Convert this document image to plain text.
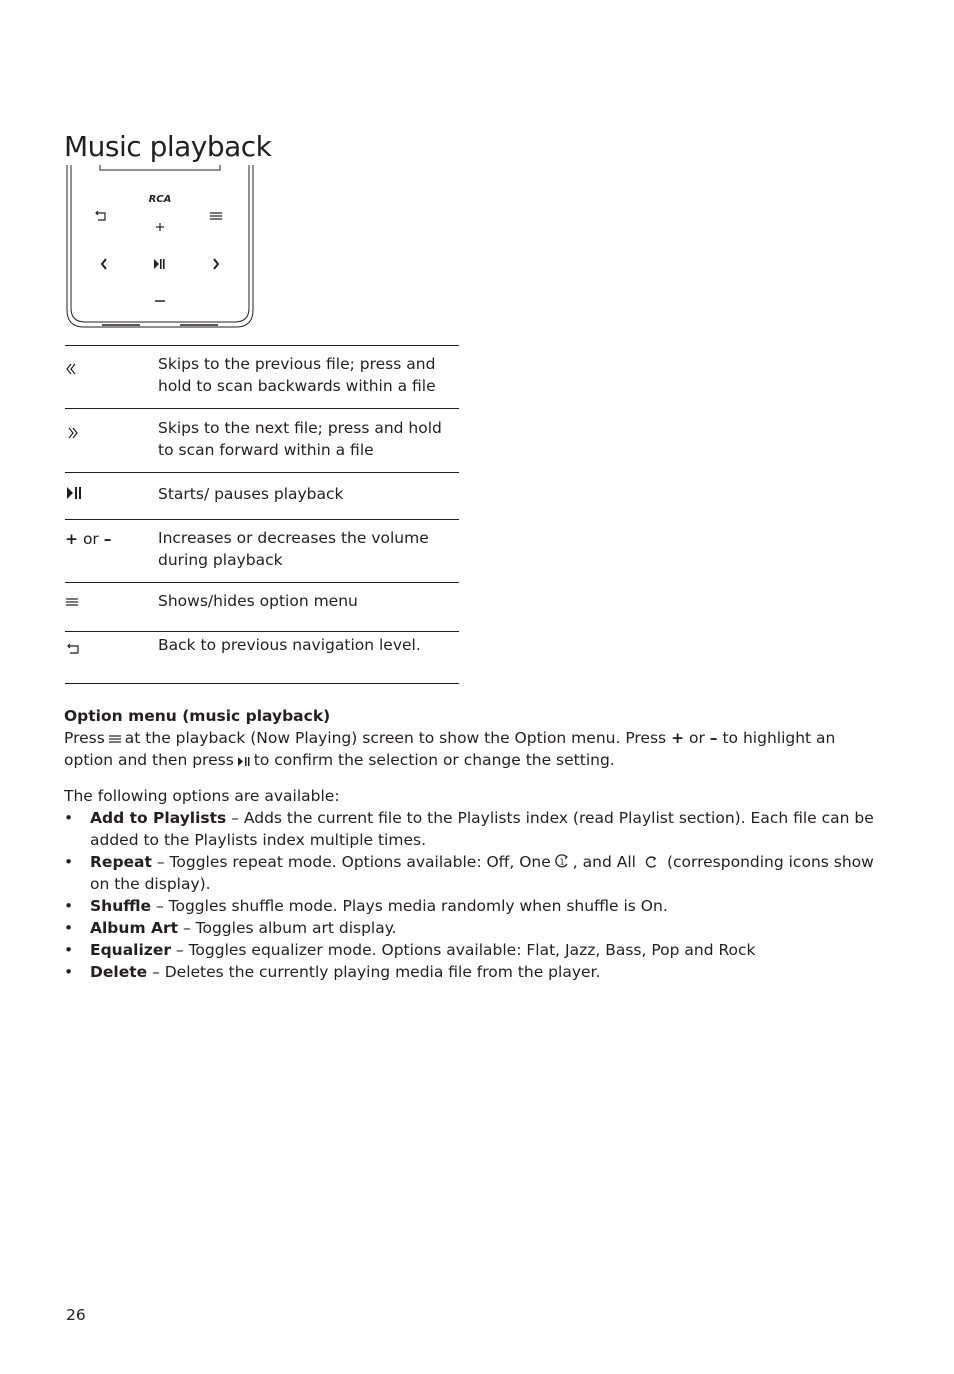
Music playback
RCA
	Skips to the previous file; press and hold to scan backwards within a file

	Skips to the next file; press and hold to scan forward within a file

	Starts/ pauses playback
+ or –	Increases or decreases the volume during playback

	Shows/hides option menu

	Back to previous navigation level.

Option menu (music playback)

Press at the playback (Now Playing) screen to show the Option menu. Press + or – to highlight an option and then press to confirm the selection or change the setting.

The following options are available:

• Add to Playlists – Adds the current file to the Playlists index (read Playlist section). Each file can be added to the Playlists index multiple times.
• Repeat – Toggles repeat mode. Options available: Off, One 1 , and All (corresponding icons show on the display).
• Shuffle – Toggles shuffle mode. Plays media randomly when shuffle is On.
• Album Art – Toggles album art display.
• Equalizer – Toggles equalizer mode. Options available: Flat, Jazz, Bass, Pop and Rock
• Delete – Deletes the currently playing media file from the player.
26
